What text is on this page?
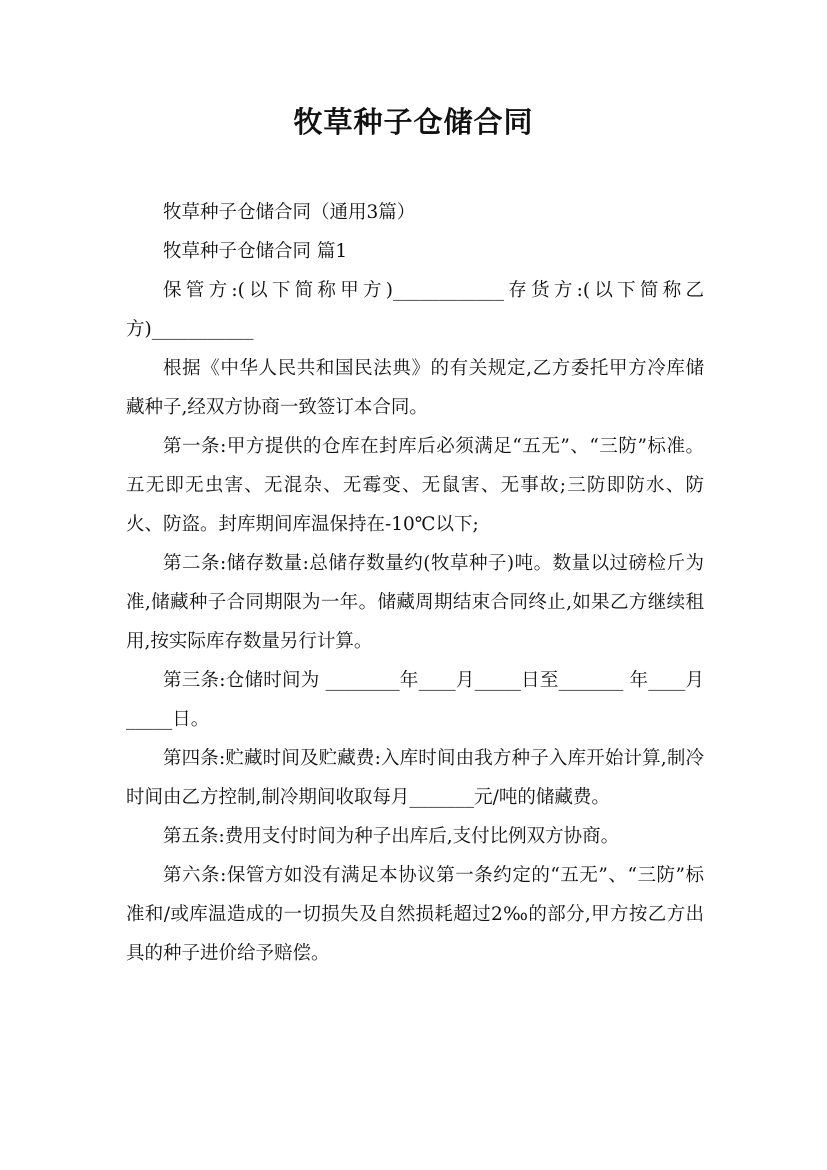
牧草种子仓储合同

牧草种子仓储合同（通用3篇）

牧草种子仓储合同 篇1

保管方:(以下简称甲方)____________存货方:(以下简称乙方)___________

根据《中华人民共和国民法典》的有关规定,乙方委托甲方冷库储藏种子,经双方协商一致签订本合同。

第一条:甲方提供的仓库在封库后必须满足“五无”、“三防”标准。五无即无虫害、无混杂、无霉变、无鼠害、无事故;三防即防水、防火、防盗。封库期间库温保持在-10℃以下;

第二条:储存数量:总储存数量约(牧草种子)吨。数量以过磅检斤为准,储藏种子合同期限为一年。储藏周期结束合同终止,如果乙方继续租用,按实际库存数量另行计算。

第三条:仓储时间为 ________年____月_____日至_______ 年____月_____日。

第四条:贮藏时间及贮藏费:入库时间由我方种子入库开始计算,制冷时间由乙方控制,制冷期间收取每月_______元/吨的储藏费。

第五条:费用支付时间为种子出库后,支付比例双方协商。

第六条:保管方如没有满足本协议第一条约定的“五无”、“三防”标准和/或库温造成的一切损失及自然损耗超过2‰的部分,甲方按乙方出具的种子进价给予赔偿。
